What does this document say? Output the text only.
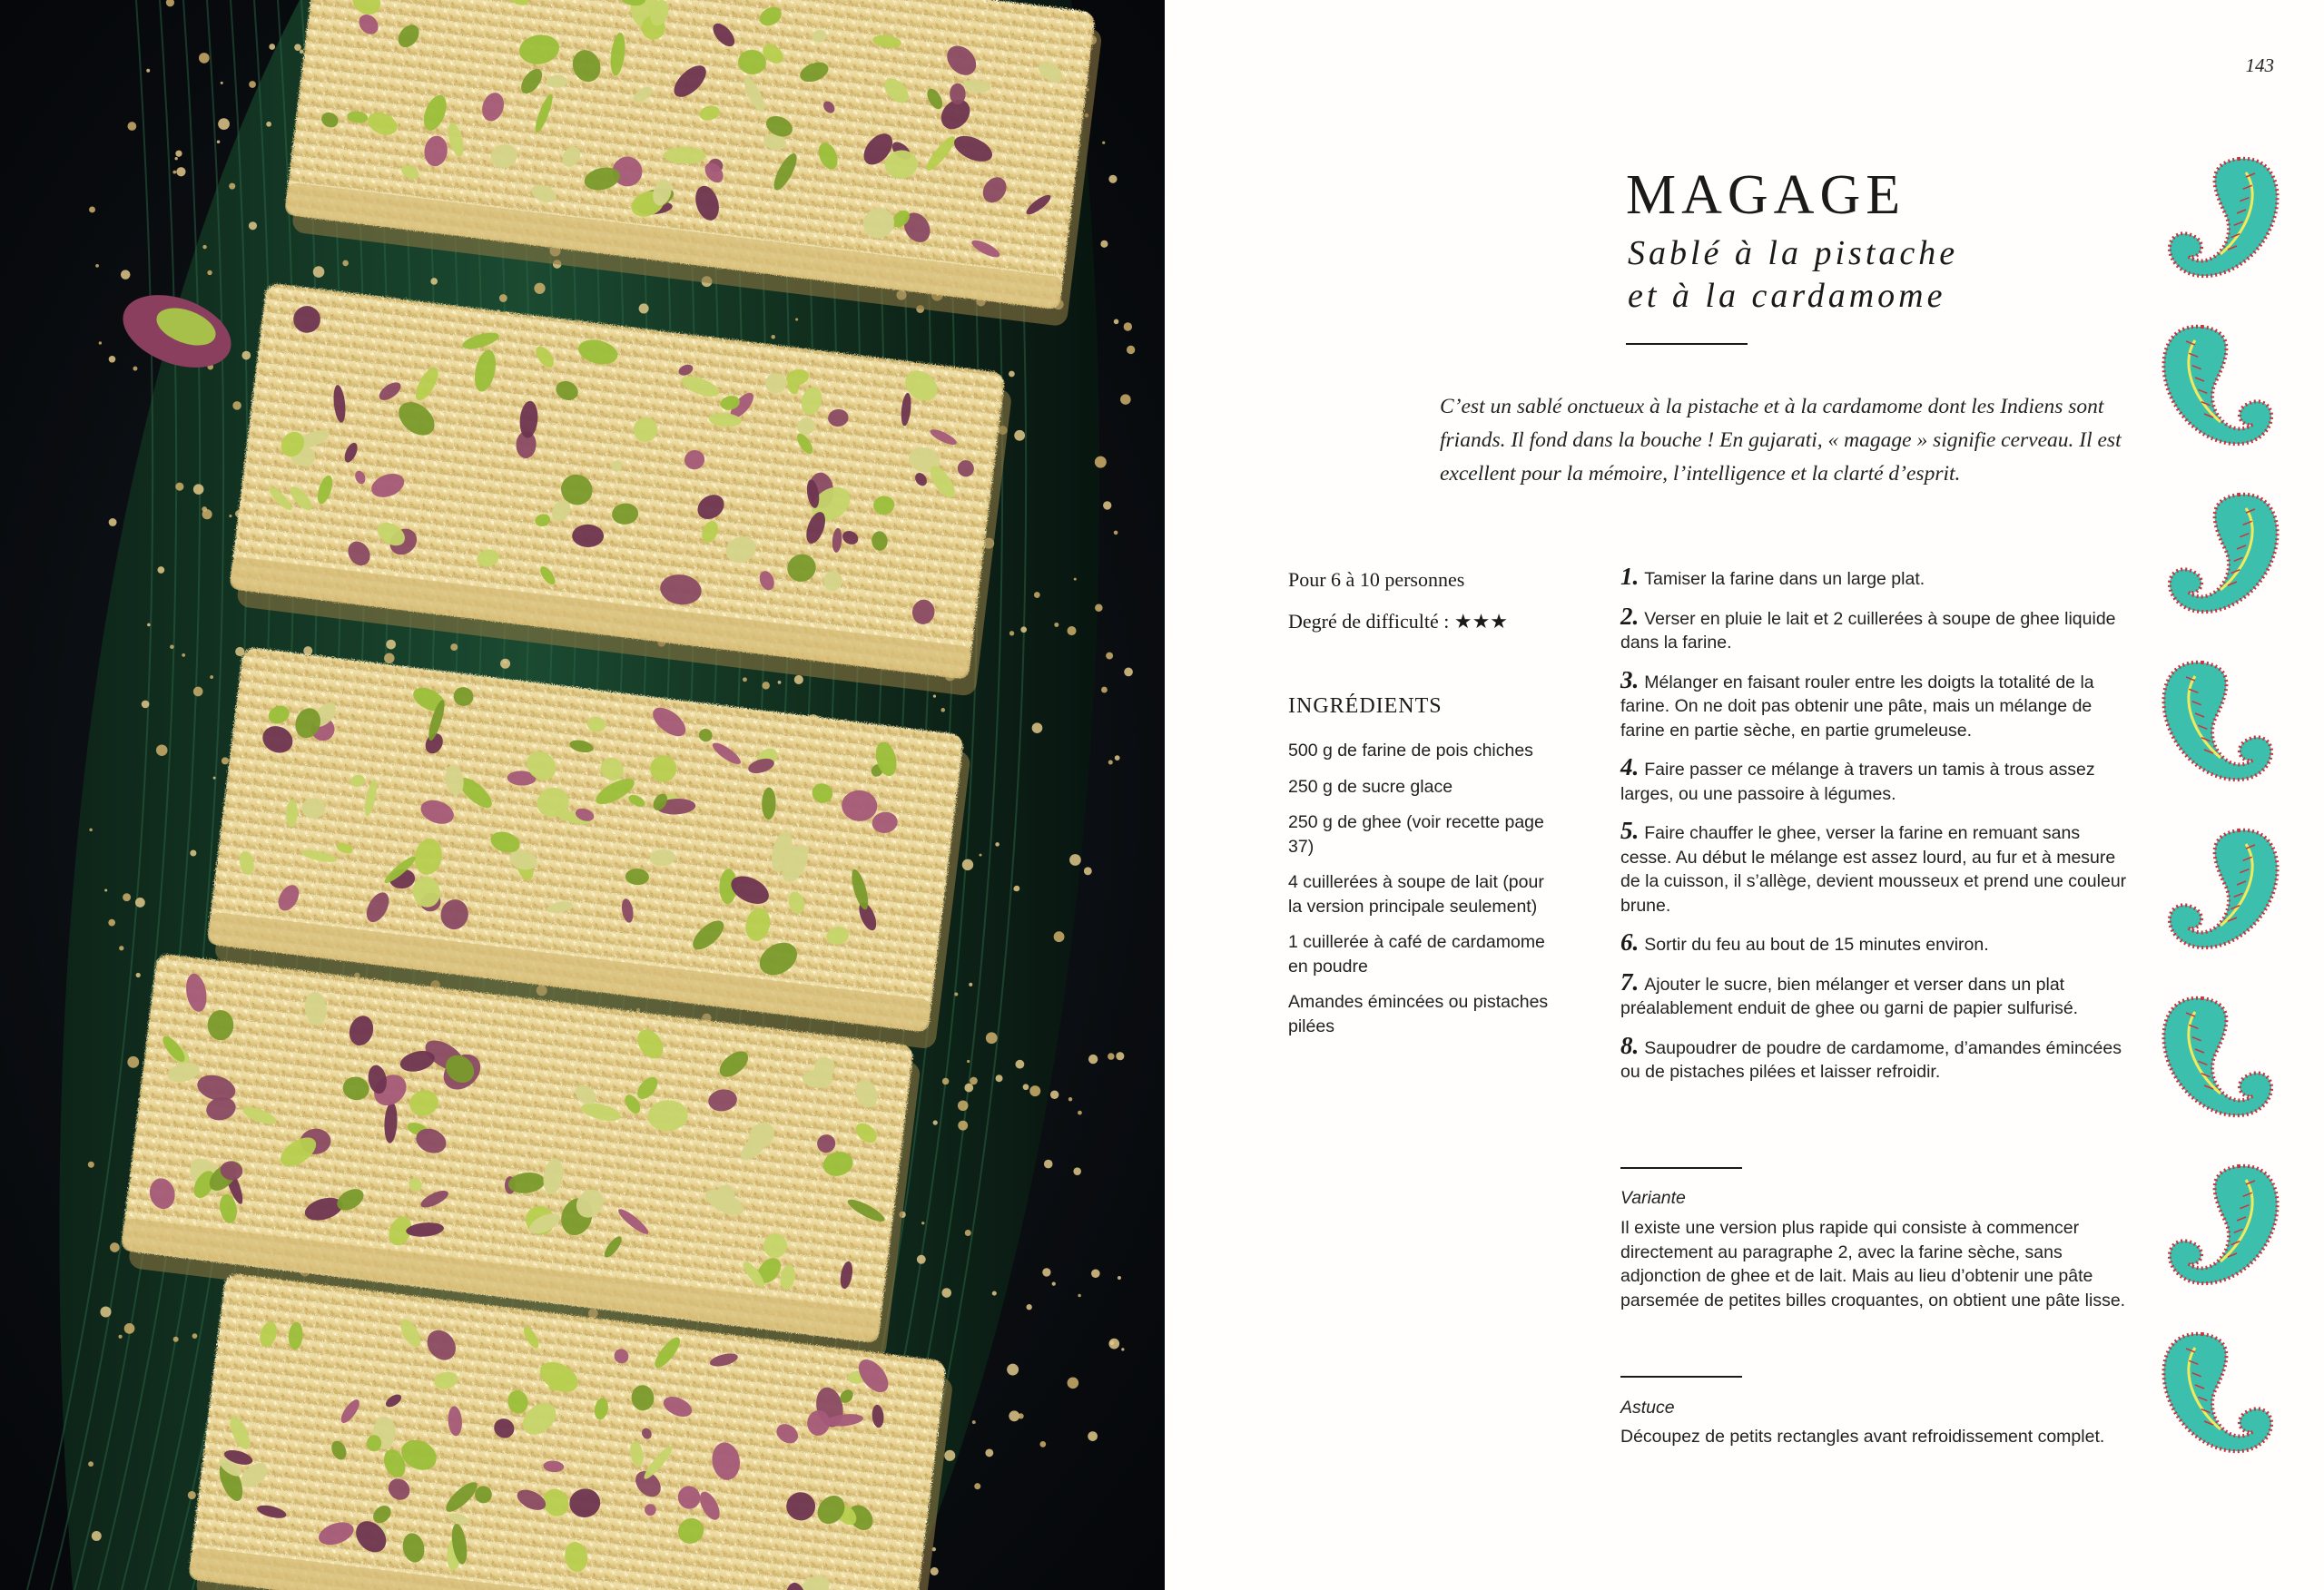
143
MAGAGE
Sablé à la pistache
et à la cardamome
C’est un sablé onctueux à la pistache et à la cardamome dont les Indiens sont friands. Il fond dans la bouche ! En gujarati, « magage » signifie cerveau. Il est excellent pour la mémoire, l’intelligence et la clarté d’esprit.
Pour 6 à 10 personnes
Degré de difficulté : ★★★
INGRÉDIENTS
500 g de farine de pois chiches
250 g de sucre glace
250 g de ghee (voir recette page 37)
4 cuillerées à soupe de lait (pour la version principale seulement)
1 cuillerée à café de cardamome en poudre
Amandes émincées ou pistaches pilées
1. Tamiser la farine dans un large plat.
2. Verser en pluie le lait et 2 cuillerées à soupe de ghee liquide dans la farine.
3. Mélanger en faisant rouler entre les doigts la totalité de la farine. On ne doit pas obtenir une pâte, mais un mélange de farine en partie sèche, en partie grumeleuse.
4. Faire passer ce mélange à travers un tamis à trous assez larges, ou une passoire à légumes.
5. Faire chauffer le ghee, verser la farine en remuant sans cesse. Au début le mélange est assez lourd, au fur et à mesure de la cuisson, il s’allège, devient mousseux et prend une couleur brune.
6. Sortir du feu au bout de 15 minutes environ.
7. Ajouter le sucre, bien mélanger et verser dans un plat préalablement enduit de ghee ou garni de papier sulfurisé.
8. Saupoudrer de poudre de cardamome, d’amandes émincées ou de pistaches pilées et laisser refroidir.
Variante
Il existe une version plus rapide qui consiste à commencer directement au paragraphe 2, avec la farine sèche, sans adjonction de ghee et de lait. Mais au lieu d’obtenir une pâte parsemée de petites billes croquantes, on obtient une pâte lisse.
Astuce
Découpez de petits rectangles avant refroidissement complet.
